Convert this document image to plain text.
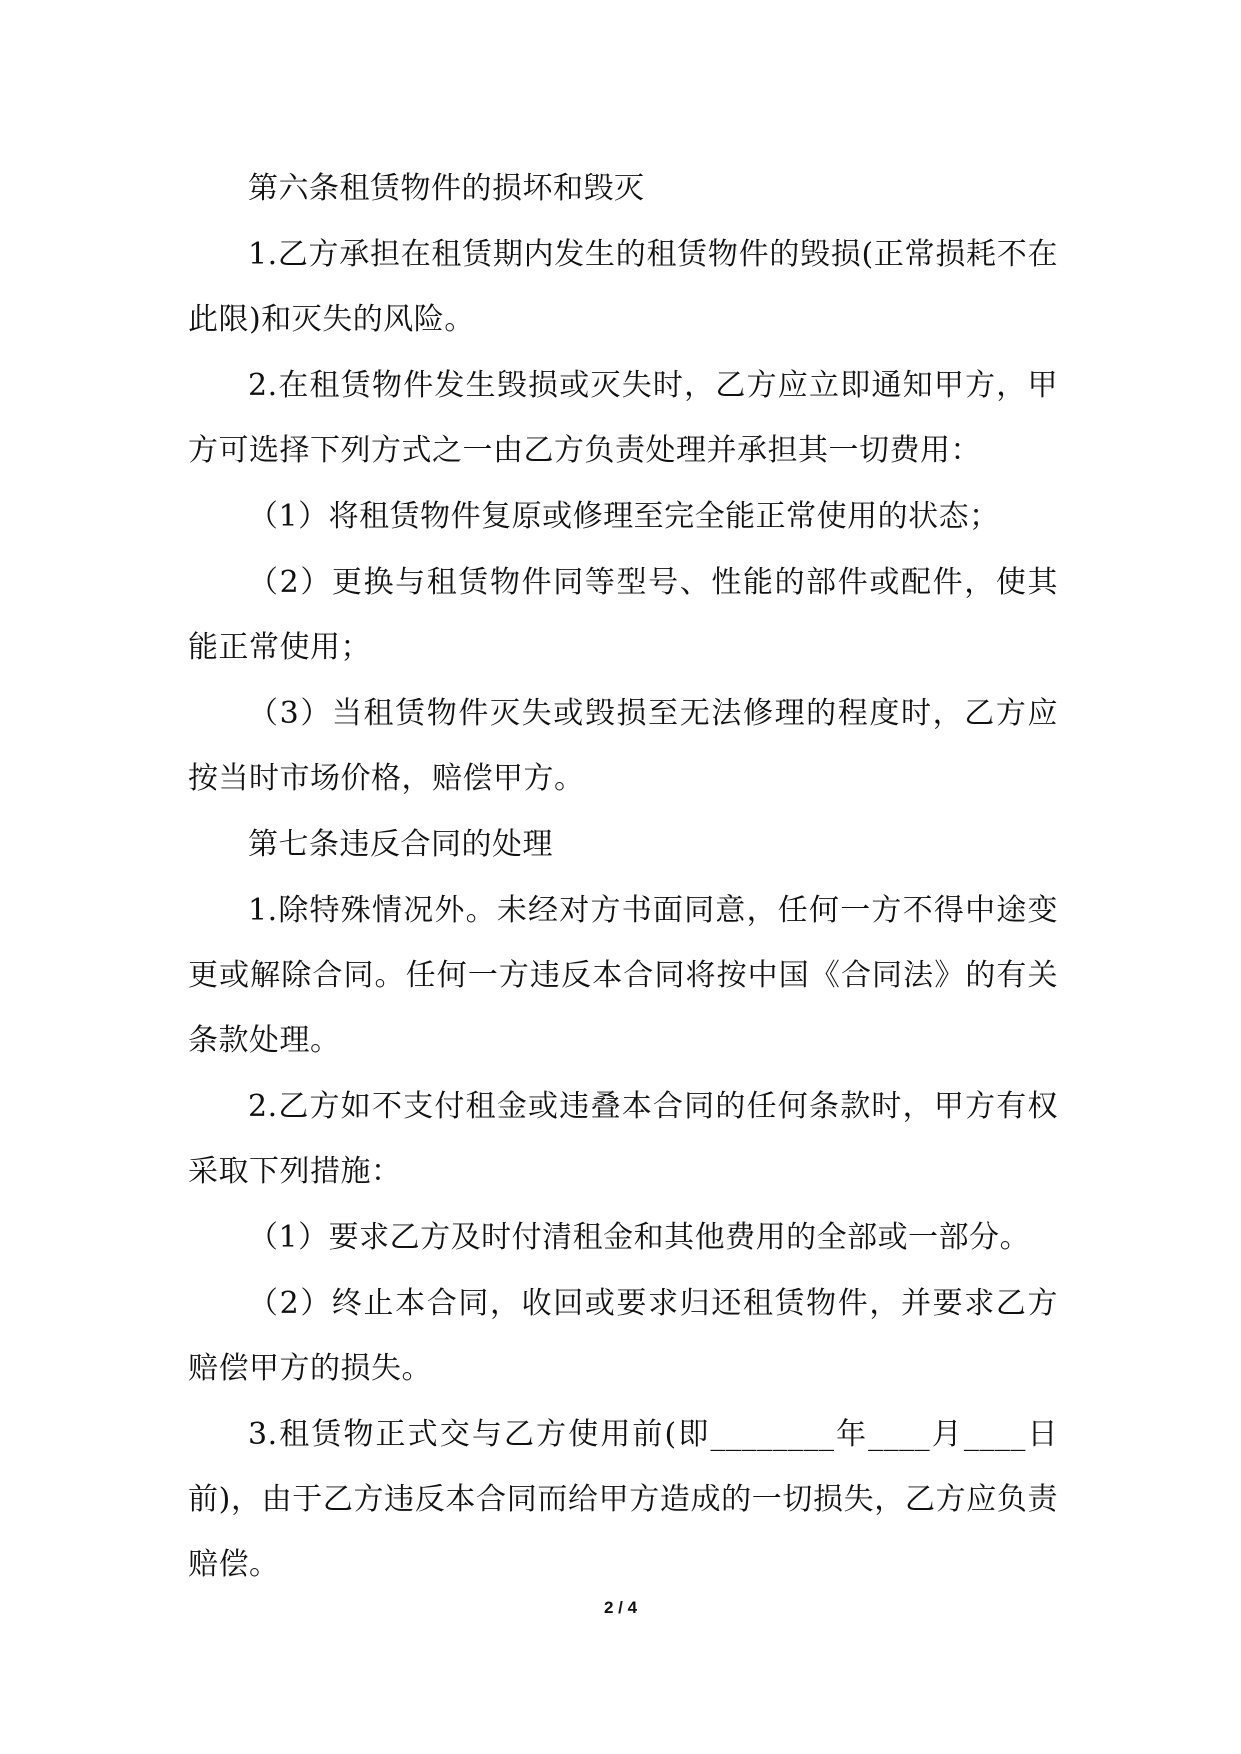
第六条租赁物件的损坏和毁灭

1.乙方承担在租赁期内发生的租赁物件的毁损(正常损耗不在此限)和灭失的风险。

2.在租赁物件发生毁损或灭失时，乙方应立即通知甲方，甲方可选择下列方式之一由乙方负责处理并承担其一切费用：

（1）将租赁物件复原或修理至完全能正常使用的状态；

（2）更换与租赁物件同等型号、性能的部件或配件，使其能正常使用；

（3）当租赁物件灭失或毁损至无法修理的程度时，乙方应按当时市场价格，赔偿甲方。

第七条违反合同的处理

1.除特殊情况外。未经对方书面同意，任何一方不得中途变更或解除合同。任何一方违反本合同将按中国《合同法》的有关条款处理。

2.乙方如不支付租金或违叠本合同的任何条款时，甲方有权采取下列措施：

（1）要求乙方及时付清租金和其他费用的全部或一部分。

（2）终止本合同，收回或要求归还租赁物件，并要求乙方赔偿甲方的损失。

3.租赁物正式交与乙方使用前(即________年____月____日前)，由于乙方违反本合同而给甲方造成的一切损失，乙方应负责赔偿。

2 / 4
